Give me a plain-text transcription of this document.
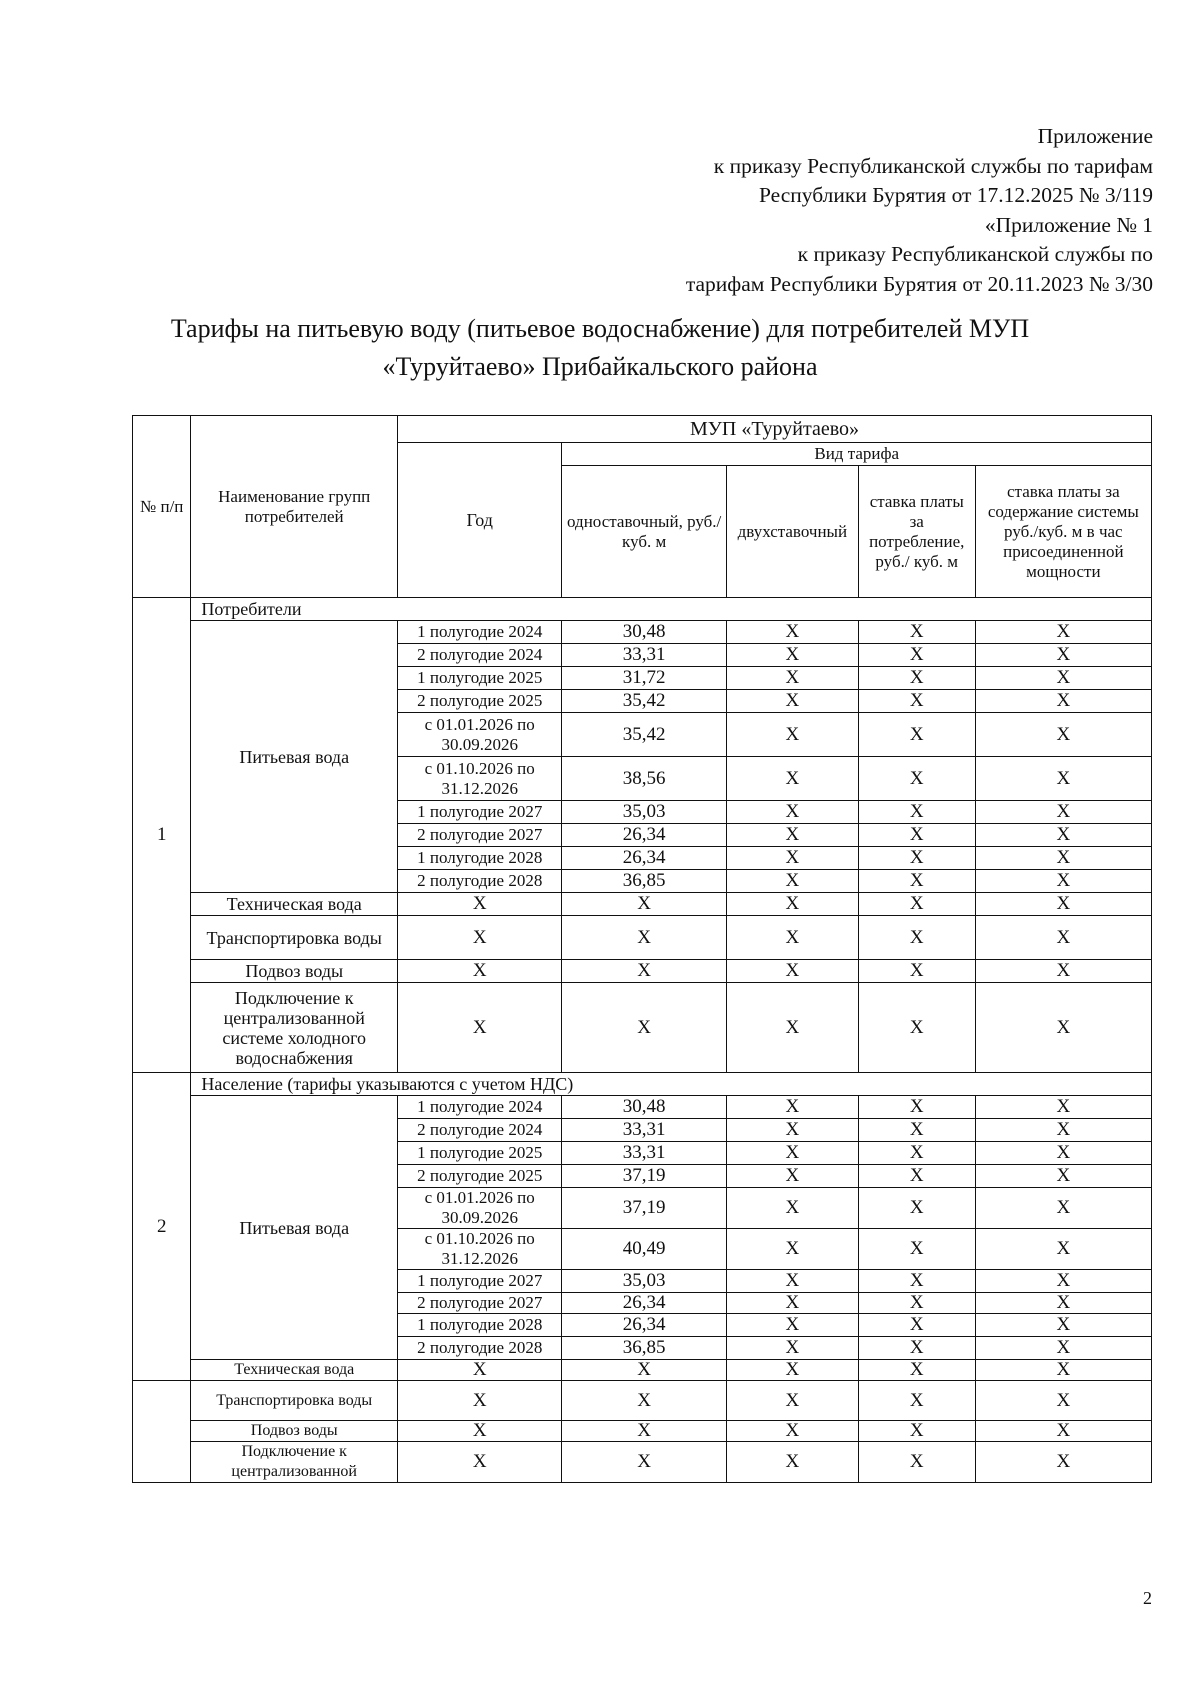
Приложение
к приказу Республиканской службы по тарифам
Республики Бурятия от 17.12.2025 № 3/119
«Приложение № 1
к приказу Республиканской службы по
тарифам Республики Бурятия от 20.11.2023 № 3/30
Тарифы на питьевую воду (питьевое водоснабжение) для потребителей МУП
«Туруйтаево» Прибайкальского района
№ п/п	Наименование групп потребителей	МУП «Туруйтаево»				
		Год	Вид тарифа			
			одноставочный, руб./ куб. м	двухставочный	ставка платы за потребление, руб./ куб. м	ставка платы за содержание системы руб./куб. м в час присоединенной мощности
1	Потребители					
	Питьевая вода	1 полугодие 2024	30,48	Х	Х	Х
		2 полугодие 2024	33,31	Х	Х	Х
		1 полугодие 2025	31,72	Х	Х	Х
		2 полугодие 2025	35,42	Х	Х	Х
		с 01.01.2026 по 30.09.2026	35,42	Х	Х	Х
		с 01.10.2026 по 31.12.2026	38,56	Х	Х	Х
		1 полугодие 2027	35,03	Х	Х	Х
		2 полугодие 2027	26,34	Х	Х	Х
		1 полугодие 2028	26,34	Х	Х	Х
		2 полугодие 2028	36,85	Х	Х	Х
	Техническая вода	Х	Х	Х	Х	Х
	Транспортировка воды	Х	Х	Х	Х	Х
	Подвоз воды	Х	Х	Х	Х	Х
	Подключение к централизованной системе холодного водоснабжения	Х	Х	Х	Х	Х
2	Население (тарифы указываются с учетом НДС)					
	Питьевая вода	1 полугодие 2024	30,48	Х	Х	Х
		2 полугодие 2024	33,31	Х	Х	Х
		1 полугодие 2025	33,31	Х	Х	Х
		2 полугодие 2025	37,19	Х	Х	Х
		с 01.01.2026 по 30.09.2026	37,19	Х	Х	Х
		с 01.10.2026 по 31.12.2026	40,49	Х	Х	Х
		1 полугодие 2027	35,03	Х	Х	Х
		2 полугодие 2027	26,34	Х	Х	Х
		1 полугодие 2028	26,34	Х	Х	Х
		2 полугодие 2028	36,85	Х	Х	Х
	Техническая вода	Х	Х	Х	Х	Х
	Транспортировка воды	Х	Х	Х	Х	Х
	Подвоз воды	Х	Х	Х	Х	Х
	Подключение к централизованной	Х	Х	Х	Х	Х
2
